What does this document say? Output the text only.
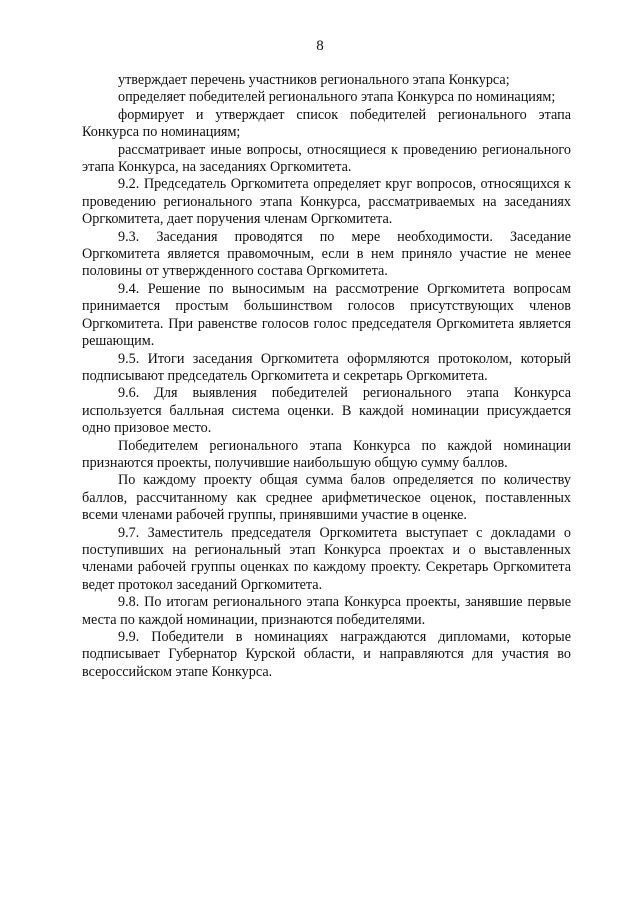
8

утверждает перечень участников регионального этапа Конкурса;

определяет победителей регионального этапа Конкурса по номинациям;

формирует и утверждает список победителей регионального этапа Конкурса по номинациям;

рассматривает иные вопросы, относящиеся к проведению регионального этапа Конкурса, на заседаниях Оргкомитета.

9.2. Председатель Оргкомитета определяет круг вопросов, относящихся к проведению регионального этапа Конкурса, рассматриваемых на заседаниях Оргкомитета, дает поручения членам Оргкомитета.

9.3. Заседания проводятся по мере необходимости. Заседание Оргкомитета является правомочным, если в нем приняло участие не менее половины от утвержденного состава Оргкомитета.

9.4. Решение по выносимым на рассмотрение Оргкомитета вопросам принимается простым большинством голосов присутствующих членов Оргкомитета. При равенстве голосов голос председателя Оргкомитета является решающим.

9.5. Итоги заседания Оргкомитета оформляются протоколом, который подписывают председатель Оргкомитета и секретарь Оргкомитета.

9.6. Для выявления победителей регионального этапа Конкурса используется балльная система оценки. В каждой номинации присуждается одно призовое место.

Победителем регионального этапа Конкурса по каждой номинации признаются проекты, получившие наибольшую общую сумму баллов.

По каждому проекту общая сумма балов определяется по количеству баллов, рассчитанному как среднее арифметическое оценок, поставленных всеми членами рабочей группы, принявшими участие в оценке.

9.7. Заместитель председателя Оргкомитета выступает с докладами о поступивших на региональный этап Конкурса проектах и о выставленных членами рабочей группы оценках по каждому проекту. Секретарь Оргкомитета ведет протокол заседаний Оргкомитета.

9.8. По итогам регионального этапа Конкурса проекты, занявшие первые места по каждой номинации, признаются победителями.

9.9. Победители в номинациях награждаются дипломами, которые подписывает Губернатор Курской области, и направляются для участия во всероссийском этапе Конкурса.
